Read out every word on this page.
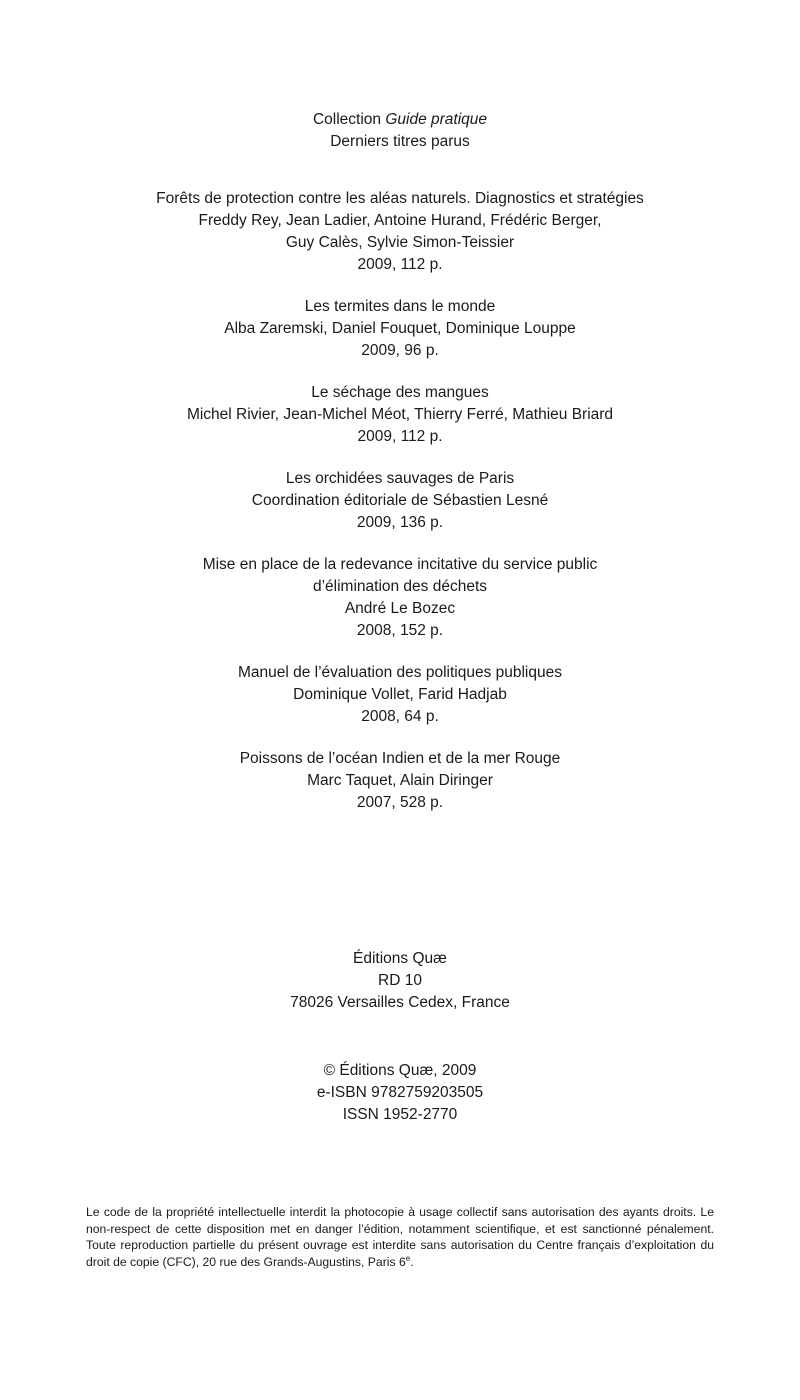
Collection Guide pratique
Derniers titres parus
Forêts de protection contre les aléas naturels. Diagnostics et stratégies
Freddy Rey, Jean Ladier, Antoine Hurand, Frédéric Berger,
Guy Calès, Sylvie Simon-Teissier
2009, 112 p.
Les termites dans le monde
Alba Zaremski, Daniel Fouquet, Dominique Louppe
2009, 96 p.
Le séchage des mangues
Michel Rivier, Jean-Michel Méot, Thierry Ferré, Mathieu Briard
2009, 112 p.
Les orchidées sauvages de Paris
Coordination éditoriale de Sébastien Lesné
2009, 136 p.
Mise en place de la redevance incitative du service public
d’élimination des déchets
André Le Bozec
2008, 152 p.
Manuel de l’évaluation des politiques publiques
Dominique Vollet, Farid Hadjab
2008, 64 p.
Poissons de l’océan Indien et de la mer Rouge
Marc Taquet, Alain Diringer
2007, 528 p.
Éditions Quæ
RD 10
78026 Versailles Cedex, France
© Éditions Quæ, 2009
e-ISBN 9782759203505
ISSN 1952-2770
Le code de la propriété intellectuelle interdit la photocopie à usage collectif sans autorisation des ayants droits. Le non-respect de cette disposition met en danger l’édition, notamment scientifique, et est sanctionné pénalement. Toute reproduction partielle du présent ouvrage est interdite sans autorisation du Centre français d’exploitation du droit de copie (CFC), 20 rue des Grands-Augustins, Paris 6e.
